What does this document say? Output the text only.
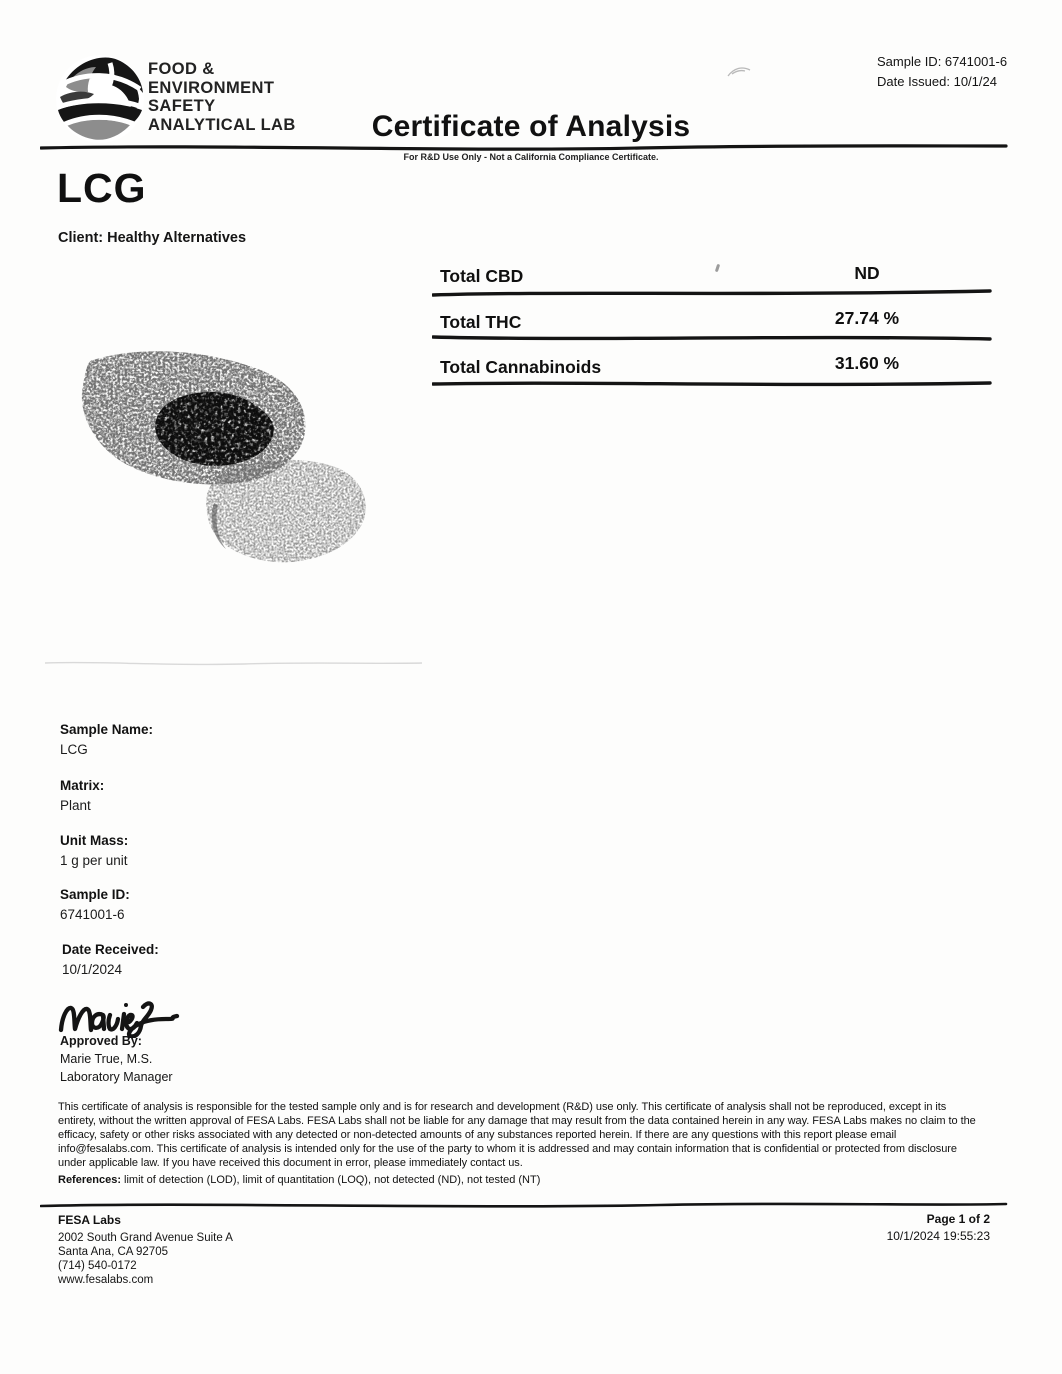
FOOD &
ENVIRONMENT
SAFETY
ANALYTICAL LAB
Sample ID: 6741001-6
Date Issued: 10/1/24
Certificate of Analysis
For R&D Use Only - Not a California Compliance Certificate.
LCG
Client: Healthy Alternatives
Total CBD	ND
Total THC	27.74 %
Total Cannabinoids	31.60 %
Sample Name:
LCG
Matrix:
Plant
Unit Mass:
1 g per unit
Sample ID:
6741001-6
Date Received:
10/1/2024
Approved By:
Marie True, M.S.
Laboratory Manager
This certificate of analysis is responsible for the tested sample only and is for research and development (R&D) use only. This certificate of analysis shall not be reproduced, except in its entirety, without the written approval of FESA Labs. FESA Labs shall not be liable for any damage that may result from the data contained herein in any way. FESA Labs makes no claim to the efficacy, safety or other risks associated with any detected or non-detected amounts of any substances reported herein. If there are any questions with this report please email info@fesalabs.com. This certificate of analysis is intended only for the use of the party to whom it is addressed and may contain information that is confidential or protected from disclosure under applicable law. If you have received this document in error, please immediately contact us.
References: limit of detection (LOD), limit of quantitation (LOQ), not detected (ND), not tested (NT)
FESA Labs
2002 South Grand Avenue Suite A
Santa Ana, CA 92705
(714) 540-0172
www.fesalabs.com
Page 1 of 2
10/1/2024 19:55:23
